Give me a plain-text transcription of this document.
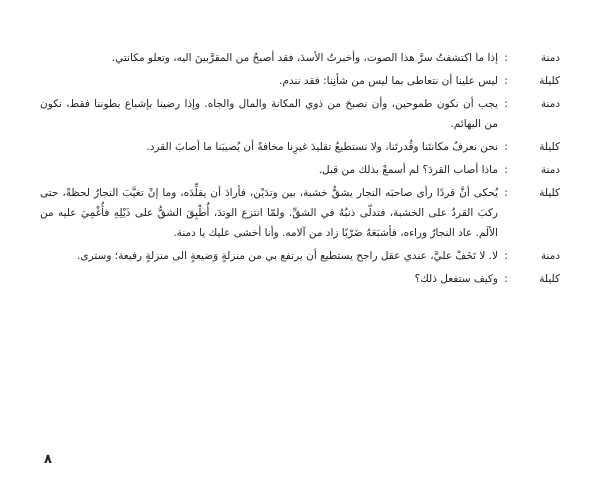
دمنة
:
إذا ما اكتشفتُ سرَّ هذا الصوت، وأخبرتُ الأسدَ، فقد أصبحُ من المقرَّبينَ اليه، وتعلو مكانتي.
كليلة
:
ليس علينا أن نتعاطى بما ليس من شأنِنا: فقد نندم.
دمنة
:
يجب أن نكون طموحين، وأن نصبحَ من ذوي المكانة والمال والجاه. وإذا رضينا بإشباع بطوننا فقط، نكون من البهائم.
كليلة
:
نحن نعرفُ مكانتَنا وقُدرتَنا، ولا نستطيعُ تقليدَ غيرِنا مخافةً أن يُصيبَنا ما أصابَ القرد.
دمنة
:
ماذا أصاب القردَ؟ لم أسمعْ بذلك من قبل.
كليلة
:
يُحكى أنَّ قردًا رأى صاحبَه النجار يشقُّ خشبة، بين وتدَيْن، فأرادَ أن يقلِّدَه، وما إنْ تغيَّبَ النجارُ لحظةً، حتى ركبَ القردُ على الخشبة، فتدلّى ذنبُهُ في الشقِّ. ولمّا انتزع الوتدَ، أُطْبِقَ الشقُّ على ذَيْلِهِ فأُغْمِيَ عليه من الألَم. عاد النجارُ وراءه، فأشبَعَهُ ضَرْبًا زاد من آلامه. وأنا أخشى عليك يا دمنة.
دمنة
:
لا. لا تَخَفْ عليَّ، عندي عقل راجح يستطيع أن يرتفع بي من منزلةٍ وَضيعةٍ الى منزلةٍ رفيعة؛ وسترى.
كليلة
:
وكيف ستفعل ذلك؟
٨
